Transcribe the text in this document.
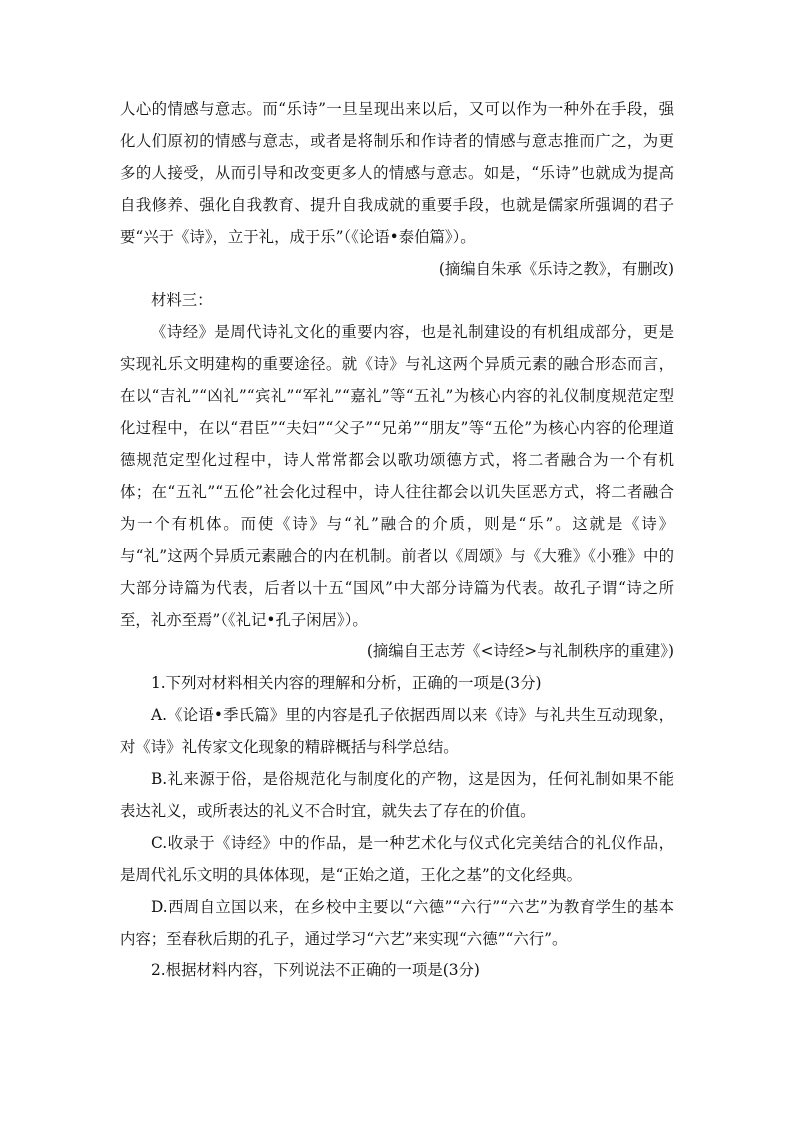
人心的情感与意志。而“乐诗”一旦呈现出来以后，又可以作为一种外在手段，强化人们原初的情感与意志，或者是将制乐和作诗者的情感与意志推而广之，为更多的人接受，从而引导和改变更多人的情感与意志。如是，“乐诗”也就成为提高自我修养、强化自我教育、提升自我成就的重要手段，也就是儒家所强调的君子要“兴于《诗》，立于礼，成于乐”（《论语•泰伯篇》）。

(摘编自朱承《乐诗之教》，有删改)

材料三：

《诗经》是周代诗礼文化的重要内容，也是礼制建设的有机组成部分，更是实现礼乐文明建构的重要途径。就《诗》与礼这两个异质元素的融合形态而言，在以“吉礼”“凶礼”“宾礼”“军礼”“嘉礼”等“五礼”为核心内容的礼仪制度规范定型化过程中，在以“君臣”“夫妇”“父子”“兄弟”“朋友”等“五伦”为核心内容的伦理道德规范定型化过程中，诗人常常都会以歌功颂德方式，将二者融合为一个有机体；在“五礼”“五伦”社会化过程中，诗人往往都会以讥失匡恶方式，将二者融合为一个有机体。而使《诗》与“礼”融合的介质，则是“乐”。这就是《诗》与“礼”这两个异质元素融合的内在机制。前者以《周颂》与《大雅》《小雅》中的大部分诗篇为代表，后者以十五“国风”中大部分诗篇为代表。故孔子谓“诗之所至，礼亦至焉”（《礼记•孔子闲居》）。

(摘编自王志芳《<诗经>与礼制秩序的重建》)

1.下列对材料相关内容的理解和分析，正确的一项是(3分)

A.《论语•季氏篇》里的内容是孔子依据西周以来《诗》与礼共生互动现象，对《诗》礼传家文化现象的精辟概括与科学总结。

B.礼来源于俗，是俗规范化与制度化的产物，这是因为，任何礼制如果不能表达礼义，或所表达的礼义不合时宜，就失去了存在的价值。

C.收录于《诗经》中的作品，是一种艺术化与仪式化完美结合的礼仪作品，是周代礼乐文明的具体体现，是“正始之道，王化之基”的文化经典。

D.西周自立国以来，在乡校中主要以“六德”“六行”“六艺”为教育学生的基本内容；至春秋后期的孔子，通过学习“六艺”来实现“六德”“六行”。

2.根据材料内容，下列说法不正确的一项是(3分)
